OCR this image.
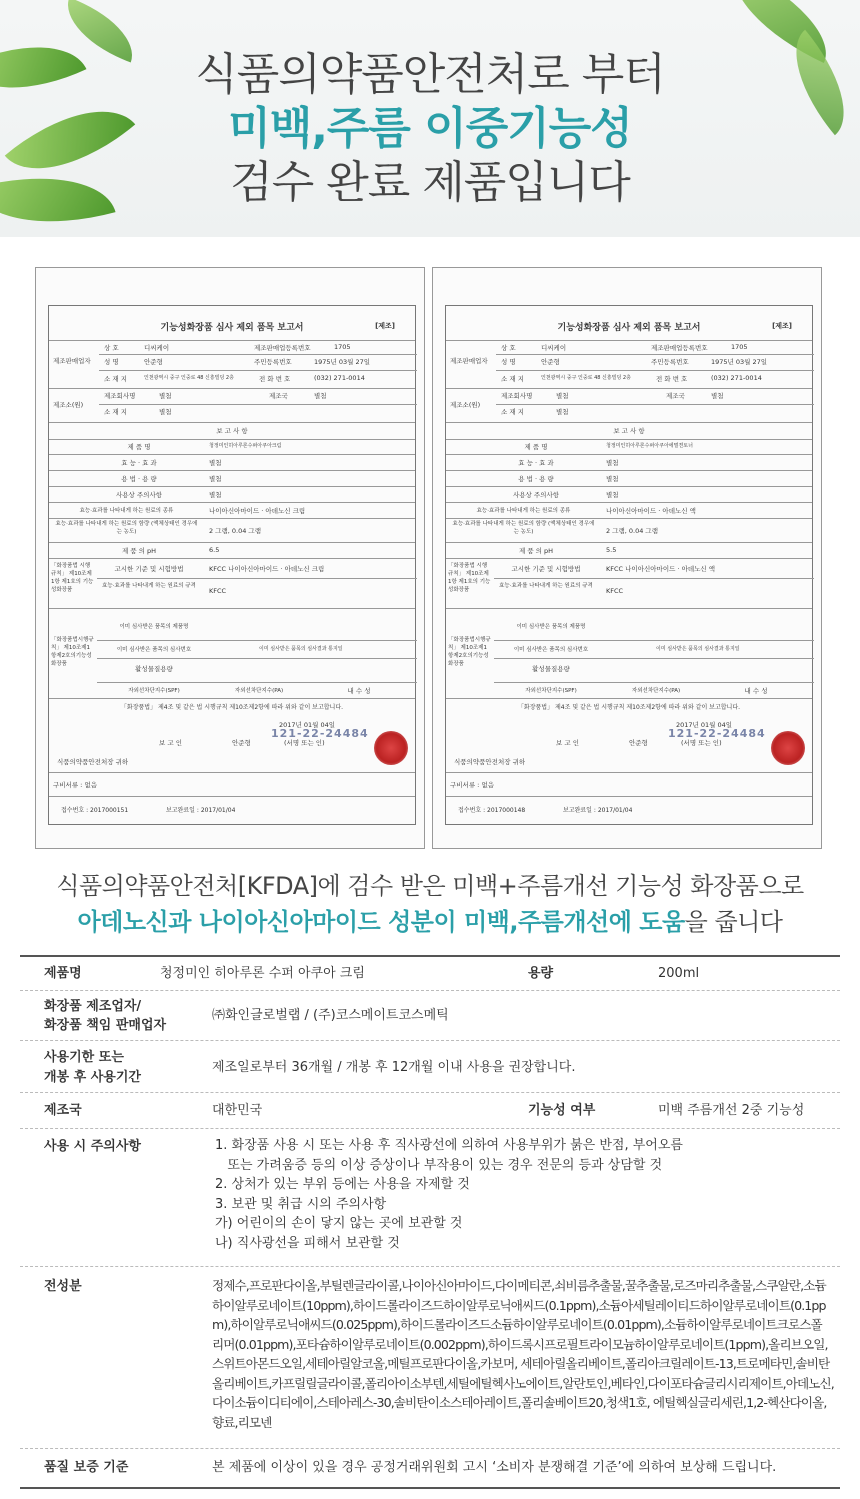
식품의약품안전처로 부터
미백,주름 이중기능성
검수 완료 제품입니다
기능성화장품 심사 제외 품목 보고서	[제조]
제조판매업자
상 호	디씨케이	제조판매업등록번호	1705
성 명	안준형	주민등록번호	1975년 03월 27일
소 재 지	인천광역시 중구 인중로 48 신흥빌딩 2층	전 화 번 호	(032) 271-0014
제조소(원)
제조회사명	별첨	제조국	별첨
소 재 지	별첨
보 고 사 항
제 품 명	청정미인히아루론수퍼아쿠아크림
효 능 · 효 과	별첨
용 법 · 용 량	별첨
사용상 주의사항	별첨
효능·효과를 나타내게 하는 원료의 종류	나이아신아마이드 · 아데노신 크림
효능·효과를 나타내게 하는 원료의 함량 (액체상태인 경우에는 농도)	2 그램, 0.04 그램
제 품 의 pH	6.5
「화장품법 시행규칙」 제10조제1항 제1호의 기능성화장품
고시한 기준 및 시험방법	KFCC 나이아신아마이드 · 아데노신 크림
효능·효과를 나타내게 하는 원료의 규격
KFCC
「화장품법시행규칙」 제10조제1항제2호의기능성 화장품
이미 심사받은 품목의 제품명
이미 심사받은 품목의 심사번호	이미 심사받은 품목의 심사결과 통지일
활성물질용량
자외선차단지수(SPF)	자외선차단지수(PA)	내 수 성
「화장품법」 제4조 및 같은 법 시행규칙 제10조제2항에 따라 위와 같이 보고합니다.
2017년 01월 04일
보 고 인	안준형	(서명 또는 인)
121-22-24484
식품의약품안전처장 귀하
구비서류 : 없음
접수번호 : 2017000151	보고완료일 : 2017/01/04
기능성화장품 심사 제외 품목 보고서	[제조]
제조판매업자
상 호	디씨케이	제조판매업등록번호	1705
성 명	안준형	주민등록번호	1975년 03월 27일
소 재 지	인천광역시 중구 인중로 48 신흥빌딩 2층	전 화 번 호	(032) 271-0014
제조소(원)
제조회사명	별첨	제조국	별첨
소 재 지	별첨
보 고 사 항
제 품 명	청정미인히아루론수퍼아쿠아에멀젼토너
효 능 · 효 과	별첨
용 법 · 용 량	별첨
사용상 주의사항	별첨
효능·효과를 나타내게 하는 원료의 종류	나이아신아마이드 · 아데노신 액
효능·효과를 나타내게 하는 원료의 함량 (액체상태인 경우에는 농도)	2 그램, 0.04 그램
제 품 의 pH	5.5
「화장품법 시행규칙」 제10조제1항 제1호의 기능성화장품
고시한 기준 및 시험방법	KFCC 나이아신아마이드 · 아데노신 액
효능·효과를 나타내게 하는 원료의 규격
KFCC
「화장품법시행규칙」 제10조제1항제2호의기능성 화장품
이미 심사받은 품목의 제품명
이미 심사받은 품목의 심사번호	이미 심사받은 품목의 심사결과 통지일
활성물질용량
자외선차단지수(SPF)	자외선차단지수(PA)	내 수 성
「화장품법」 제4조 및 같은 법 시행규칙 제10조제2항에 따라 위와 같이 보고합니다.
2017년 01월 04일
보 고 인	안준형	(서명 또는 인)
121-22-24484
식품의약품안전처장 귀하
구비서류 : 없음
접수번호 : 2017000148	보고완료일 : 2017/01/04
식품의약품안전처[KFDA]에 검수 받은 미백+주름개선 기능성 화장품으로
아데노신과 나이아신아마이드 성분이 미백,주름개선에 도움을 줍니다
제품명	청정미인 히아루론 수퍼 아쿠아 크림	용량	200ml
화장품 제조업자/
화장품 책임 판매업자
㈜화인글로벌랩 / (주)코스메이트코스메틱
사용기한 또는
개봉 후 사용기간
제조일로부터 36개월 / 개봉 후 12개월 이내 사용을 권장합니다.
제조국	대한민국	기능성 여부	미백 주름개선 2중 기능성
사용 시 주의사항	1. 화장품 사용 시 또는 사용 후 직사광선에 의하여 사용부위가 붉은 반점, 부어오름
또는 가려움증 등의 이상 증상이나 부작용이 있는 경우 전문의 등과 상담할 것
2. 상처가 있는 부위 등에는 사용을 자제할 것
3. 보관 및 취급 시의 주의사항
가) 어린이의 손이 닿지 않는 곳에 보관할 것
나) 직사광선을 피해서 보관할 것
전성분	정제수,프로판다이올,부틸렌글라이콜,나이아신아마이드,다이메티콘,쇠비름추출물,꿀추출물,로즈마리추출물,스쿠알란,소듐
하이알루로네이트(10ppm),하이드롤라이즈드하이알루로닉애씨드(0.1ppm),소듐아세틸레이티드하이알루로네이트(0.1pp
m),하이알루로닉애씨드(0.025ppm),하이드롤라이즈드소듐하이알루로네이트(0.01ppm),소듐하이알루로네이트크로스폴
리머(0.01ppm),포타슘하이알루로네이트(0.002ppm),하이드록시프로필트라이모늄하이알루로네이트(1ppm),올리브오일,
스위트아몬드오일,세테아릴알코올,메틸프로판다이올,카보머, 세테아릴올리베이트,폴리아크릴레이트-13,트로메타민,솔비탄
올리베이트,카프릴릴글라이콜,폴리아이소부텐,세틸에틸헥사노에이트,알란토인,베타인,다이포타슘글리시리제이트,아데노신,
다이소듐이디티에이,스테아레스-30,솔비탄이소스테아레이트,폴리솔베이트20,청색1호, 에틸헥실글리세린,1,2-헥산다이올,
향료,리모넨
품질 보증 기준	본 제품에 이상이 있을 경우 공정거래위원회 고시 ‘소비자 분쟁해결 기준’에 의하여 보상해 드립니다.
